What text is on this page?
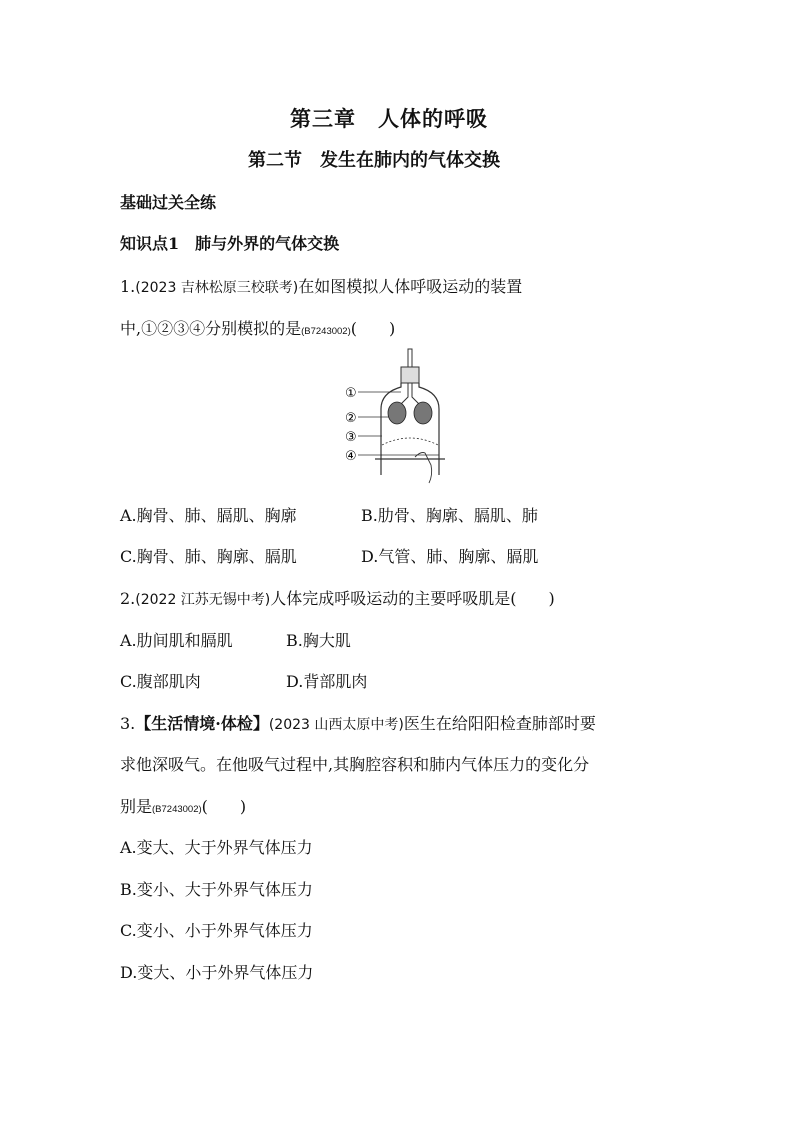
第三章　人体的呼吸
第二节　发生在肺内的气体交换
基础过关全练
知识点1　肺与外界的气体交换
1.(2023 吉林松原三校联考)在如图模拟人体呼吸运动的装置
中,①②③④分别模拟的是(B7243002)(　　)
①
②
③
④
A.胸骨、肺、膈肌、胸廓	B.肋骨、胸廓、膈肌、肺
C.胸骨、肺、胸廓、膈肌	D.气管、肺、胸廓、膈肌
2.(2022 江苏无锡中考)人体完成呼吸运动的主要呼吸肌是(　　)
A.肋间肌和膈肌	B.胸大肌
C.腹部肌肉	D.背部肌肉
3.【生活情境·体检】(2023 山西太原中考)医生在给阳阳检查肺部时要
求他深吸气。在他吸气过程中,其胸腔容积和肺内气体压力的变化分
别是(B7243002)(　　)
A.变大、大于外界气体压力
B.变小、大于外界气体压力
C.变小、小于外界气体压力
D.变大、小于外界气体压力
